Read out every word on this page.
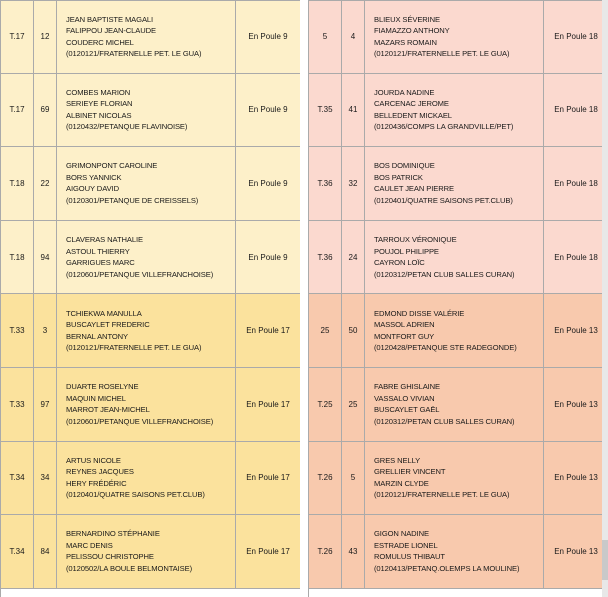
T.17	12
JEAN BAPTISTE MAGALI
FALIPPOU JEAN-CLAUDE
COUDERC MICHEL
(0120121/FRATERNELLE PET. LE GUA)
En Poule 9
T.17	69
COMBES MARION
SERIEYE FLORIAN
ALBINET NICOLAS
(0120432/PETANQUE FLAVINOISE)
En Poule 9
T.18	22
GRIMONPONT CAROLINE
BORS YANNICK
AIGOUY DAVID
(0120301/PETANQUE DE CREISSELS)
En Poule 9
T.18	94
CLAVERAS NATHALIE
ASTOUL THIERRY
GARRIGUES MARC
(0120601/PETANQUE VILLEFRANCHOISE)
En Poule 9
T.33	3
TCHIEKWA MANULLA
BUSCAYLET FREDERIC
BERNAL ANTONY
(0120121/FRATERNELLE PET. LE GUA)
En Poule 17
T.33	97
DUARTE ROSELYNE
MAQUIN MICHEL
MARROT JEAN-MICHEL
(0120601/PETANQUE VILLEFRANCHOISE)
En Poule 17
T.34	34
ARTUS NICOLE
REYNES JACQUES
HERY FRÉDÉRIC
(0120401/QUATRE SAISONS PET.CLUB)
En Poule 17
T.34	84
BERNARDINO STÉPHANIE
MARC DENIS
PELISSOU CHRISTOPHE
(0120502/LA BOULE BELMONTAISE)
En Poule 17
5	4
BLIEUX SÉVERINE
FIAMAZZO ANTHONY
MAZARS ROMAIN
(0120121/FRATERNELLE PET. LE GUA)
En Poule 18
T.35	41
JOURDA NADINE
CARCENAC JEROME
BELLEDENT MICKAEL
(0120436/COMPS LA GRANDVILLE/PET)
En Poule 18
T.36	32
BOS DOMINIQUE
BOS PATRICK
CAULET JEAN PIERRE
(0120401/QUATRE SAISONS PET.CLUB)
En Poule 18
T.36	24
TARROUX VÉRONIQUE
POUJOL PHILIPPE
CAYRON LOÏC
(0120312/PETAN CLUB SALLES CURAN)
En Poule 18
25	50
EDMOND DISSE VALÉRIE
MASSOL ADRIEN
MONTFORT GUY
(0120428/PETANQUE STE RADEGONDE)
En Poule 13
T.25	25
FABRE GHISLAINE
VASSALO VIVIAN
BUSCAYLET GAËL
(0120312/PETAN CLUB SALLES CURAN)
En Poule 13
T.26	5
GRES NELLY
GRELLIER VINCENT
MARZIN CLYDE
(0120121/FRATERNELLE PET. LE GUA)
En Poule 13
T.26	43
GIGON NADINE
ESTRADE LIONEL
ROMULUS THIBAUT
(0120413/PETANQ.OLEMPS LA MOULINE)
En Poule 13
